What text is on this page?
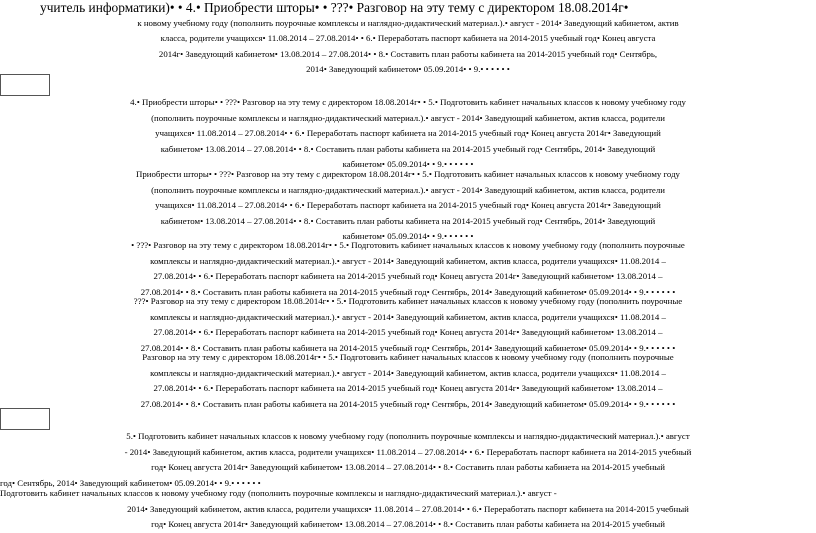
учитель информатики)• • 4.• Приобрести шторы• • ???• Разговор на эту тему с директором 18.08.2014г•
к новому учебному году (пополнить поурочные комплексы и наглядно-дидактический материал.).• август - 2014• Заведующий кабинетом, актив
класса, родители учащихся• 11.08.2014 – 27.08.2014• • 6.• Переработать паспорт кабинета на 2014-2015 учебный год• Конец августа
2014г• Заведующий кабинетом• 13.08.2014 – 27.08.2014• • 8.• Составить план работы кабинета на 2014-2015 учебный год• Сентябрь,
2014• Заведующий кабинетом• 05.09.2014• • 9.• • • • • •
4.• Приобрести шторы• • ???• Разговор на эту тему с директором 18.08.2014г• • 5.• Подготовить кабинет начальных классов к новому учебному году
(пополнить поурочные комплексы и наглядно-дидактический материал.).• август - 2014• Заведующий кабинетом, актив класса, родители
учащихся• 11.08.2014 – 27.08.2014• • 6.• Переработать паспорт кабинета на 2014-2015 учебный год• Конец августа 2014г• Заведующий
кабинетом• 13.08.2014 – 27.08.2014• • 8.• Составить план работы кабинета на 2014-2015 учебный год• Сентябрь, 2014• Заведующий
кабинетом• 05.09.2014• • 9.• • • • • •
Приобрести шторы• • ???• Разговор на эту тему с директором 18.08.2014г• • 5.• Подготовить кабинет начальных классов к новому учебному году
(пополнить поурочные комплексы и наглядно-дидактический материал.).• август - 2014• Заведующий кабинетом, актив класса, родители
учащихся• 11.08.2014 – 27.08.2014• • 6.• Переработать паспорт кабинета на 2014-2015 учебный год• Конец августа 2014г• Заведующий
кабинетом• 13.08.2014 – 27.08.2014• • 8.• Составить план работы кабинета на 2014-2015 учебный год• Сентябрь, 2014• Заведующий
кабинетом• 05.09.2014• • 9.• • • • • •
• ???• Разговор на эту тему с директором 18.08.2014г• • 5.• Подготовить кабинет начальных классов к новому учебному году (пополнить поурочные
комплексы и наглядно-дидактический материал.).• август - 2014• Заведующий кабинетом, актив класса, родители учащихся• 11.08.2014 –
27.08.2014• • 6.• Переработать паспорт кабинета на 2014-2015 учебный год• Конец августа 2014г• Заведующий кабинетом• 13.08.2014 –
27.08.2014• • 8.• Составить план работы кабинета на 2014-2015 учебный год• Сентябрь, 2014• Заведующий кабинетом• 05.09.2014• • 9.• • • • • •
???• Разговор на эту тему с директором 18.08.2014г• • 5.• Подготовить кабинет начальных классов к новому учебному году (пополнить поурочные
комплексы и наглядно-дидактический материал.).• август - 2014• Заведующий кабинетом, актив класса, родители учащихся• 11.08.2014 –
27.08.2014• • 6.• Переработать паспорт кабинета на 2014-2015 учебный год• Конец августа 2014г• Заведующий кабинетом• 13.08.2014 –
27.08.2014• • 8.• Составить план работы кабинета на 2014-2015 учебный год• Сентябрь, 2014• Заведующий кабинетом• 05.09.2014• • 9.• • • • • •
Разговор на эту тему с директором 18.08.2014г• • 5.• Подготовить кабинет начальных классов к новому учебному году (пополнить поурочные
комплексы и наглядно-дидактический материал.).• август - 2014• Заведующий кабинетом, актив класса, родители учащихся• 11.08.2014 –
27.08.2014• • 6.• Переработать паспорт кабинета на 2014-2015 учебный год• Конец августа 2014г• Заведующий кабинетом• 13.08.2014 –
27.08.2014• • 8.• Составить план работы кабинета на 2014-2015 учебный год• Сентябрь, 2014• Заведующий кабинетом• 05.09.2014• • 9.• • • • • •
5.• Подготовить кабинет начальных классов к новому учебному году (пополнить поурочные комплексы и наглядно-дидактический материал.).• август
- 2014• Заведующий кабинетом, актив класса, родители учащихся• 11.08.2014 – 27.08.2014• • 6.• Переработать паспорт кабинета на 2014-2015 учебный
год• Конец августа 2014г• Заведующий кабинетом• 13.08.2014 – 27.08.2014• • 8.• Составить план работы кабинета на 2014-2015 учебный
год• Сентябрь, 2014• Заведующий кабинетом• 05.09.2014• • 9.• • • • • •
Подготовить кабинет начальных классов к новому учебному году (пополнить поурочные комплексы и наглядно-дидактический материал.).• август -
2014• Заведующий кабинетом, актив класса, родители учащихся• 11.08.2014 – 27.08.2014• • 6.• Переработать паспорт кабинета на 2014-2015 учебный
год• Конец августа 2014г• Заведующий кабинетом• 13.08.2014 – 27.08.2014• • 8.• Составить план работы кабинета на 2014-2015 учебный
